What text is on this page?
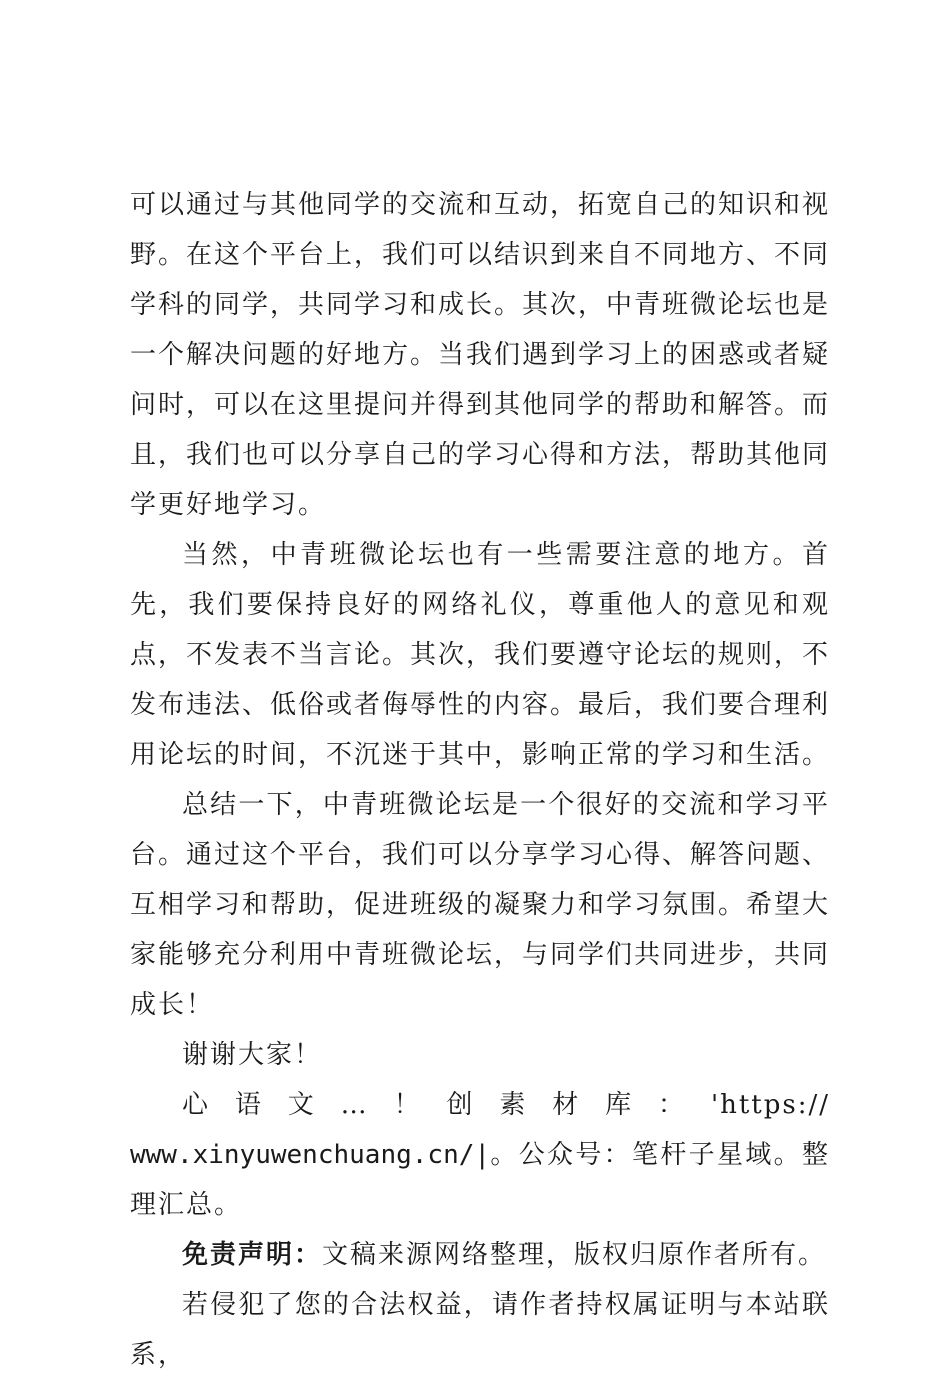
可以通过与其他同学的交流和互动，拓宽自己的知识和视野。在这个平台上，我们可以结识到来自不同地方、不同学科的同学，共同学习和成长。其次，中青班微论坛也是一个解决问题的好地方。当我们遇到学习上的困惑或者疑问时，可以在这里提问并得到其他同学的帮助和解答。而且，我们也可以分享自己的学习心得和方法，帮助其他同学更好地学习。

当然，中青班微论坛也有一些需要注意的地方。首先，我们要保持良好的网络礼仪，尊重他人的意见和观点，不发表不当言论。其次，我们要遵守论坛的规则，不发布违法、低俗或者侮辱性的内容。最后，我们要合理利用论坛的时间，不沉迷于其中，影响正常的学习和生活。

总结一下，中青班微论坛是一个很好的交流和学习平台。通过这个平台，我们可以分享学习心得、解答问题、互相学习和帮助，促进班级的凝聚力和学习氛围。希望大家能够充分利用中青班微论坛，与同学们共同进步，共同成长！

谢谢大家！

心语文…！创素材库：'https://

www.xinyuwenchuang.cn/|。公众号：笔杆子星域。整理汇总。

免责声明：文稿来源网络整理，版权归原作者所有。

若侵犯了您的合法权益，请作者持权属证明与本站联系，
